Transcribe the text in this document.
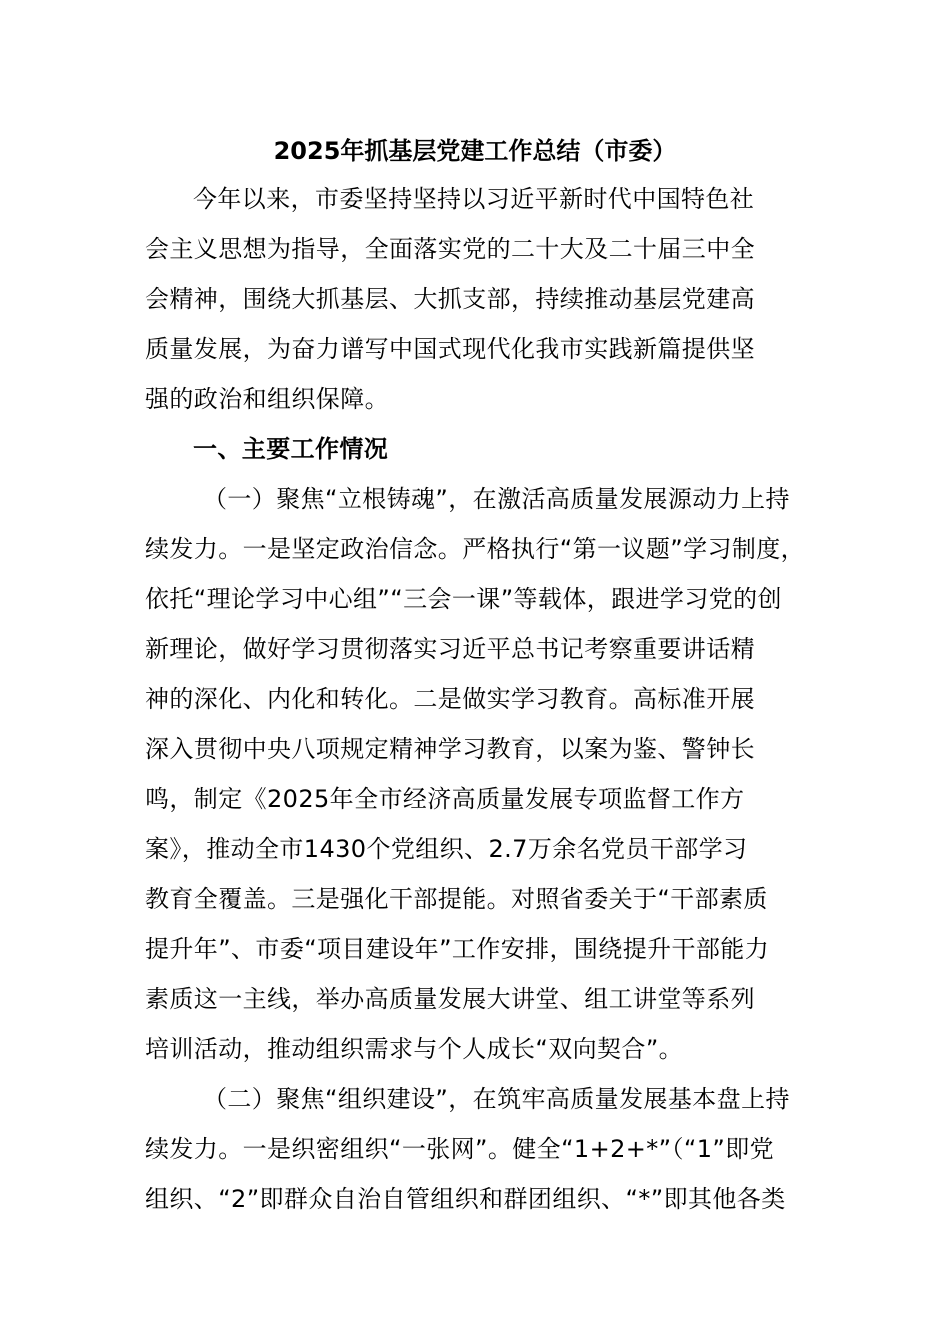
2025年抓基层党建工作总结（市委）
今年以来，市委坚持坚持以习近平新时代中国特色社
会主义思想为指导，全面落实党的二十大及二十届三中全
会精神，围绕大抓基层、大抓支部，持续推动基层党建高
质量发展，为奋力谱写中国式现代化我市实践新篇提供坚
强的政治和组织保障。
一、主要工作情况
（一）聚焦“立根铸魂”，在激活高质量发展源动力上持
续发力。一是坚定政治信念。严格执行“第一议题”学习制度，
依托“理论学习中心组”“三会一课”等载体，跟进学习党的创
新理论，做好学习贯彻落实习近平总书记考察重要讲话精
神的深化、内化和转化。二是做实学习教育。高标准开展
深入贯彻中央八项规定精神学习教育，以案为鉴、警钟长
鸣，制定《2025年全市经济高质量发展专项监督工作方
案》，推动全市1430个党组织、2.7万余名党员干部学习
教育全覆盖。三是强化干部提能。对照省委关于“干部素质
提升年”、市委“项目建设年”工作安排，围绕提升干部能力
素质这一主线，举办高质量发展大讲堂、组工讲堂等系列
培训活动，推动组织需求与个人成长“双向契合”。
（二）聚焦“组织建设”，在筑牢高质量发展基本盘上持
续发力。一是织密组织“一张网”。健全“1+2+*”（“1”即党
组织、“2”即群众自治自管组织和群团组织、“*”即其他各类
